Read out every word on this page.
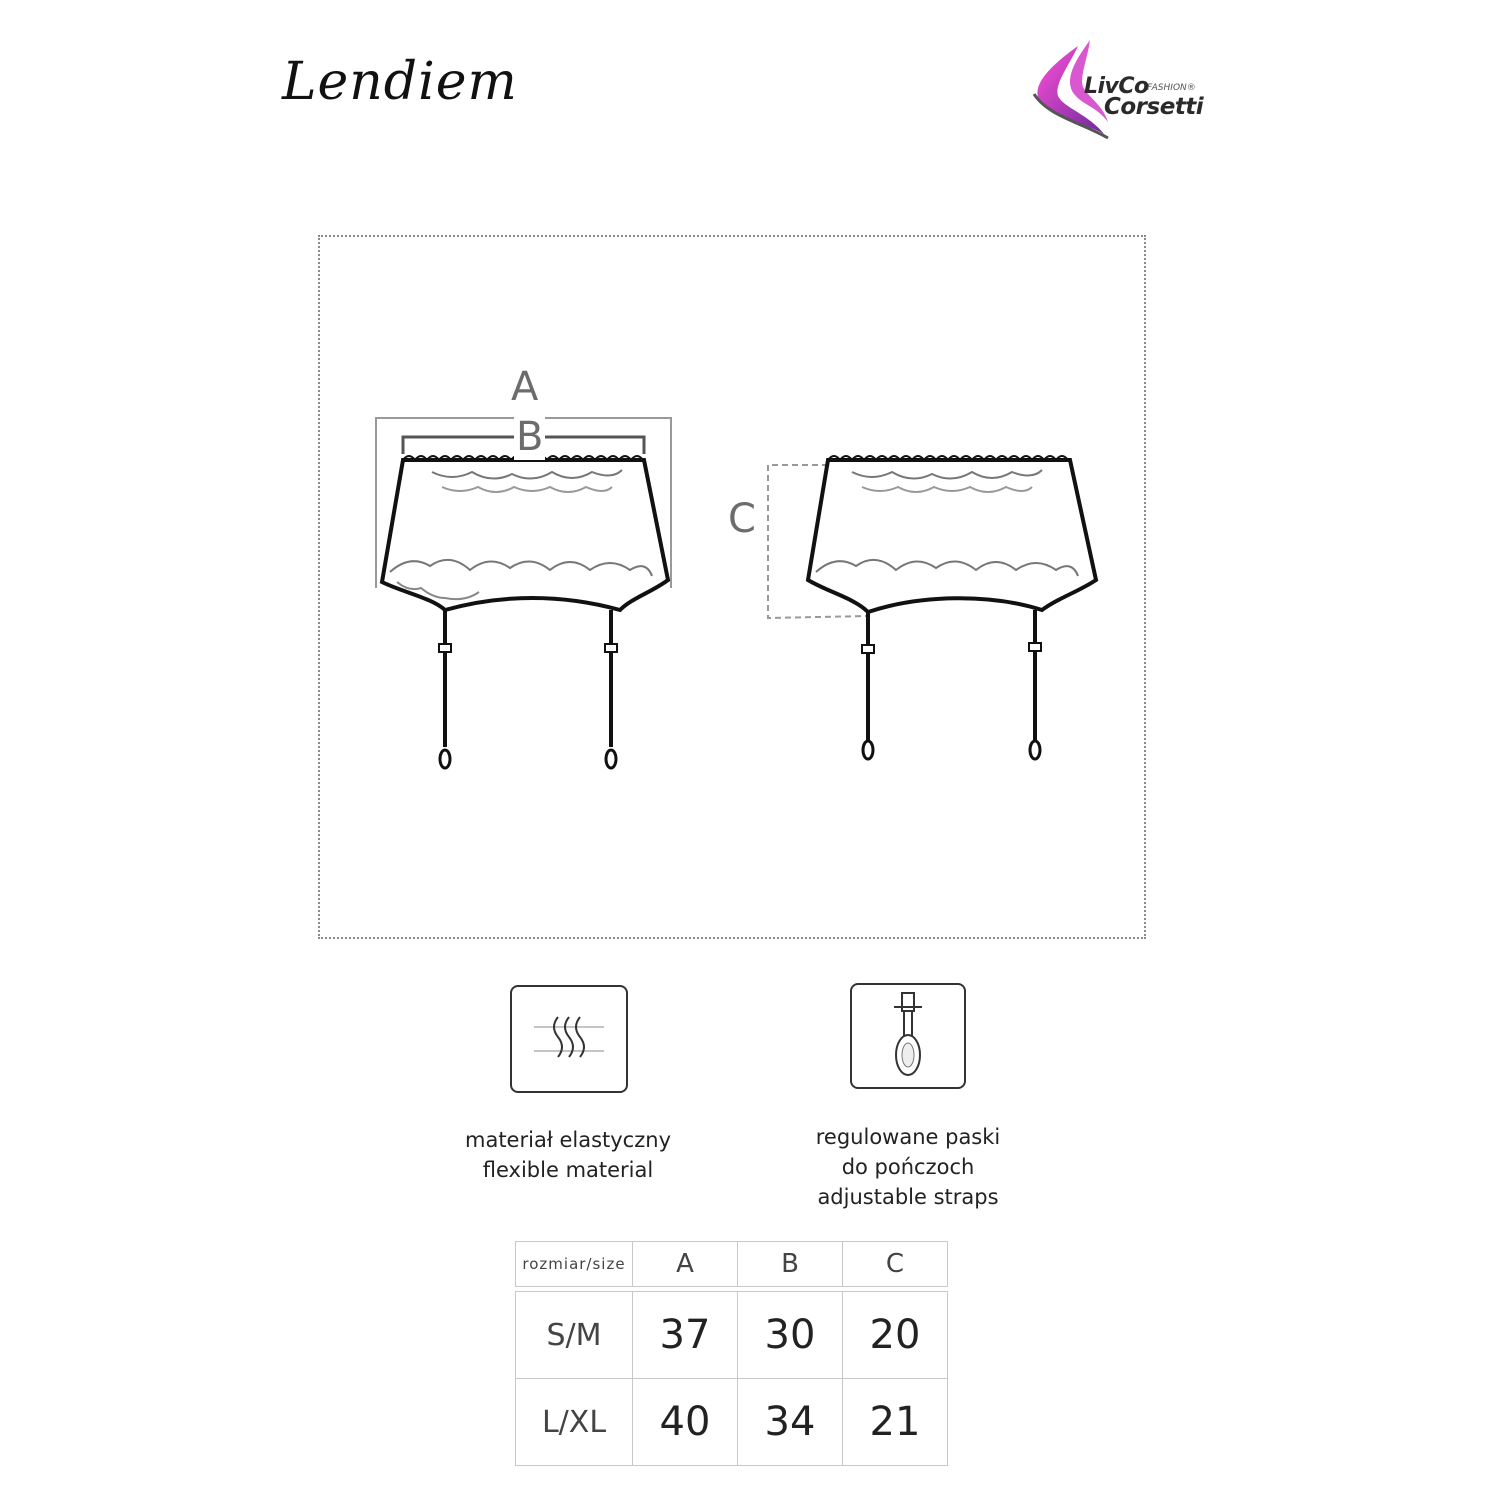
Lendiem	LivCo
FASHION®
Corsetti
A
B
C
materiał elastyczny
flexible material
regulowane paski
do pończoch
adjustable straps
rozmiar/size	A	B	C

S/M	37	30	20
L/XL	40	34	21
